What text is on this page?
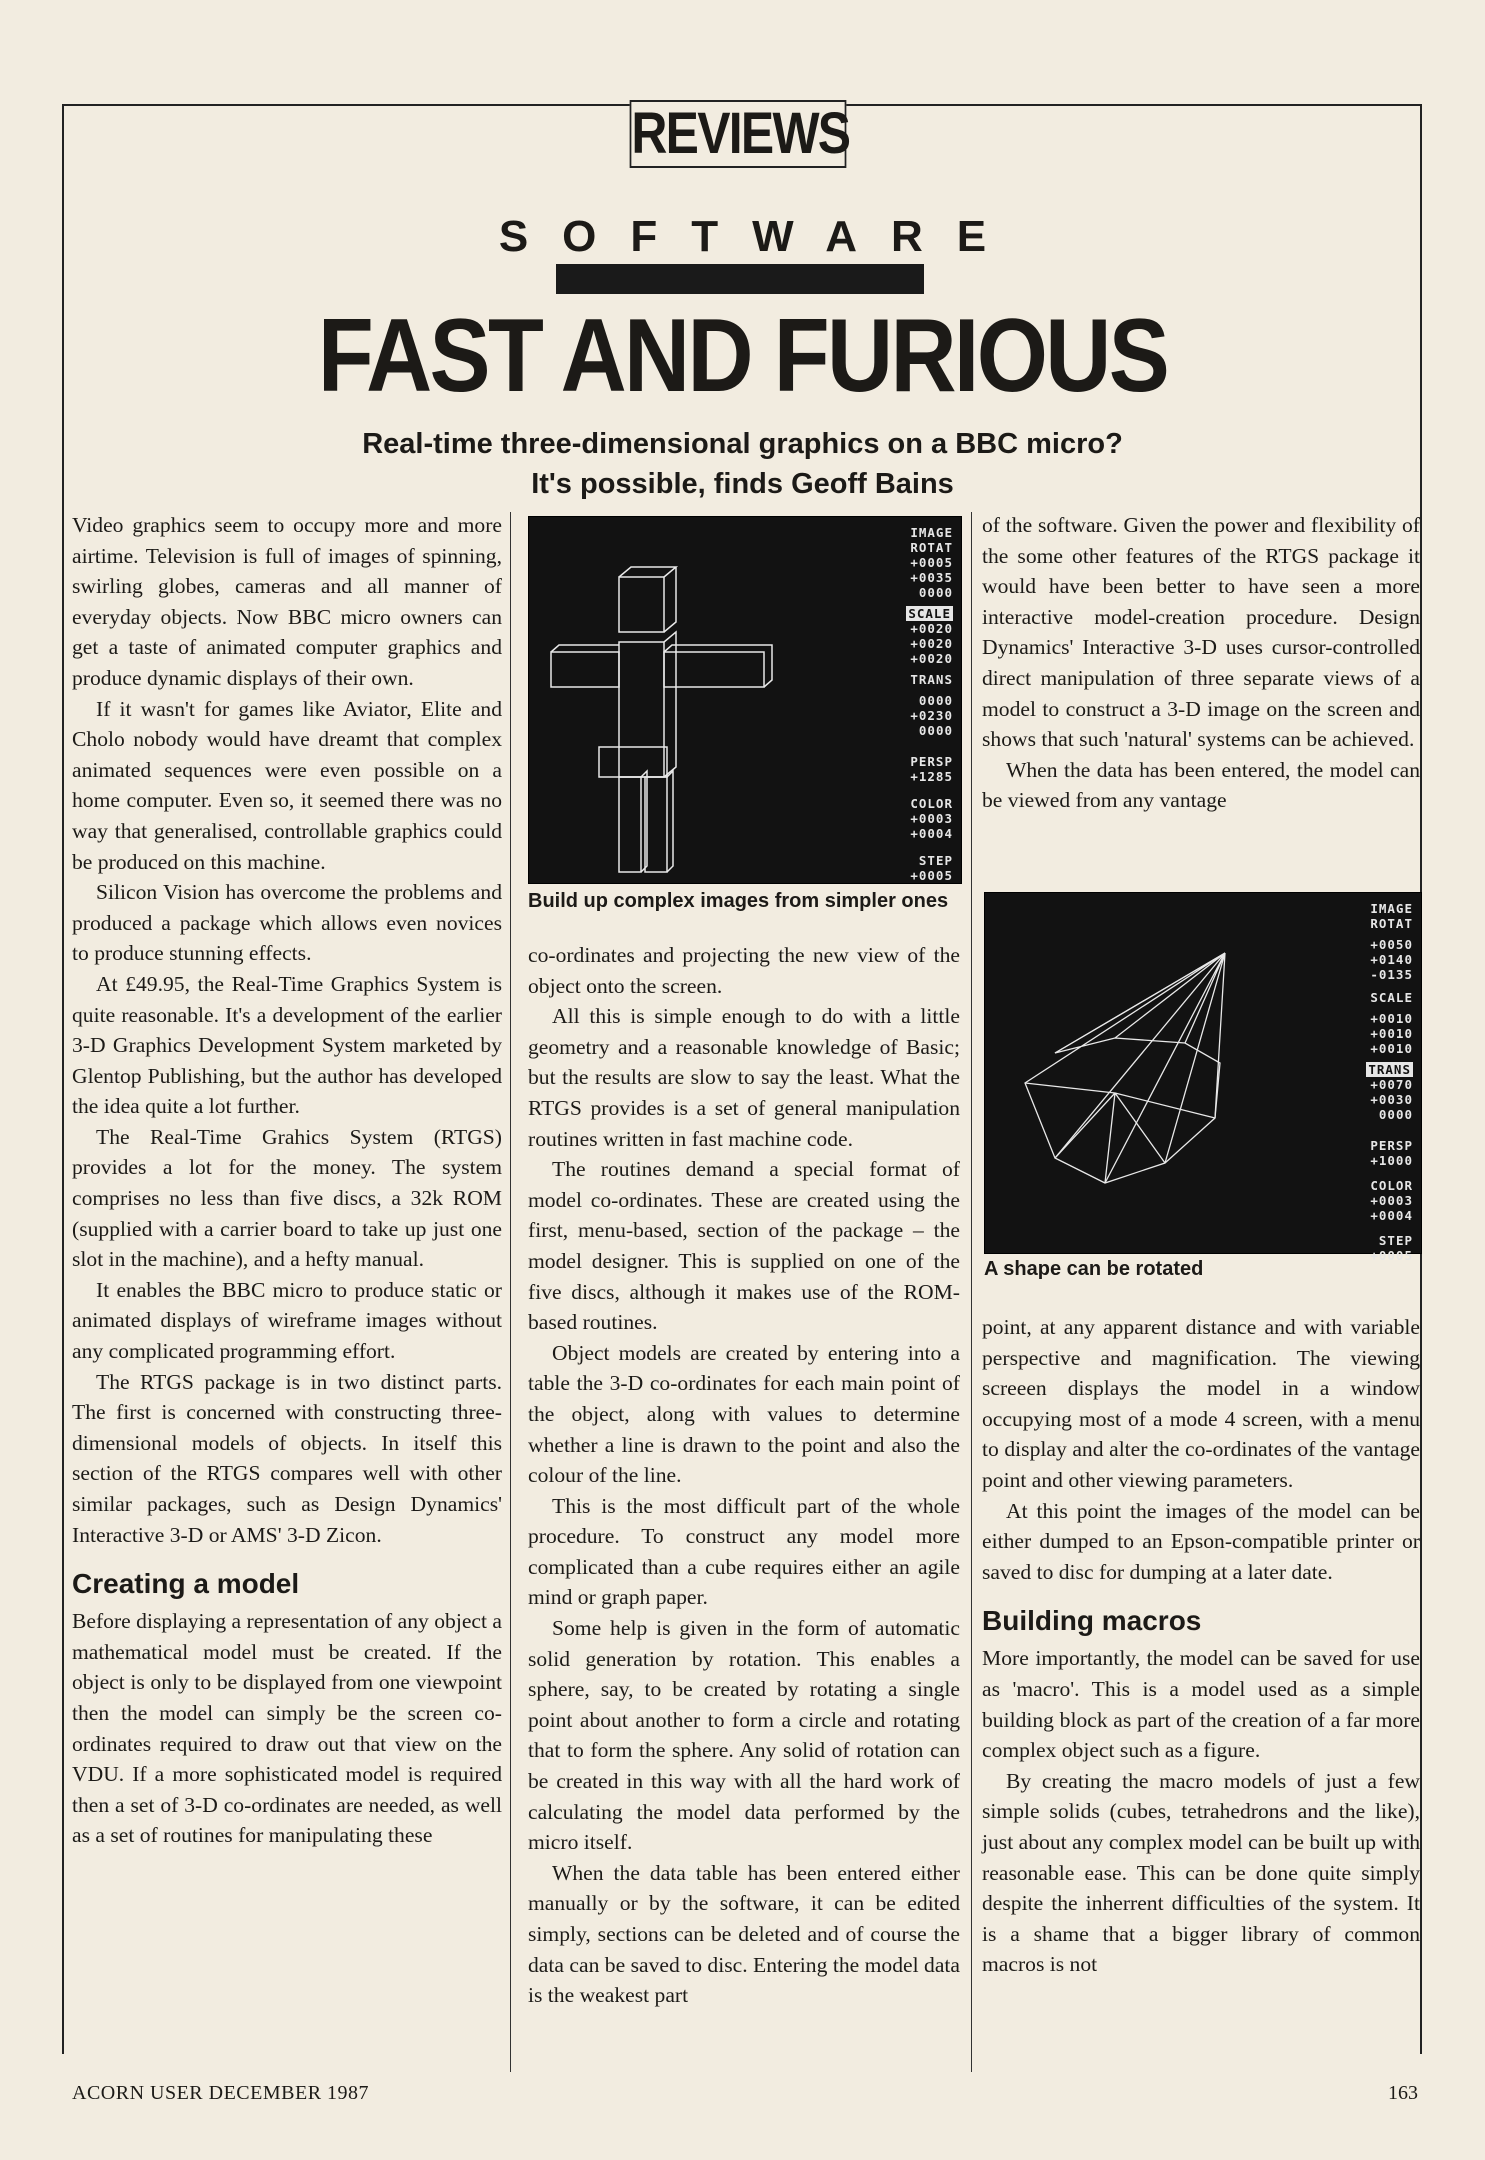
REVIEWS
SOFTWARE
FAST AND FURIOUS
Real-time three-dimensional graphics on a BBC micro?
It's possible, finds Geoff Bains

Video graphics seem to occupy more and more airtime. Television is full of images of spinning, swirling globes, cameras and all manner of everyday objects. Now BBC micro owners can get a taste of animated computer graphics and produce dynamic displays of their own.

If it wasn't for games like Aviator, Elite and Cholo nobody would have dreamt that complex animated sequences were even possible on a home computer. Even so, it seemed there was no way that generalised, controllable graphics could be produced on this machine.

Silicon Vision has overcome the problems and produced a package which allows even novices to produce stunning effects.

At £49.95, the Real-Time Graphics System is quite reasonable. It's a development of the earlier 3-D Graphics Development System marketed by Glentop Publishing, but the author has developed the idea quite a lot further.

The Real-Time Grahics System (RTGS) provides a lot for the money. The system comprises no less than five discs, a 32k ROM (supplied with a carrier board to take up just one slot in the machine), and a hefty manual.

It enables the BBC micro to produce static or animated displays of wireframe images without any complicated programming effort.

The RTGS package is in two distinct parts. The first is concerned with constructing three-dimensional models of objects. In itself this section of the RTGS compares well with other similar packages, such as Design Dynamics' Interactive 3-D or AMS' 3-D Zicon.

Creating a model

Before displaying a representation of any object a mathematical model must be created. If the object is only to be displayed from one viewpoint then the model can simply be the screen co-ordinates required to draw out that view on the VDU. If a more sophisticated model is required then a set of 3-D co-ordinates are needed, as well as a set of routines for manipulating these

IMAGE
ROTAT
+0005
+0035
0000
SCALE
+0020
+0020
+0020
TRANS
0000
+0230
0000
PERSP
+1285
COLOR
+0003
+0004
STEP
+0005
Build up complex images from simpler ones

co-ordinates and projecting the new view of the object onto the screen.

All this is simple enough to do with a little geometry and a reasonable knowledge of Basic; but the results are slow to say the least. What the RTGS provides is a set of general manipulation routines written in fast machine code.

The routines demand a special format of model co-ordinates. These are created using the first, menu-based, section of the package – the model designer. This is supplied on one of the five discs, although it makes use of the ROM-based routines.

Object models are created by entering into a table the 3-D co-ordinates for each main point of the object, along with values to determine whether a line is drawn to the point and also the colour of the line.

This is the most difficult part of the whole procedure. To construct any model more complicated than a cube requires either an agile mind or graph paper.

Some help is given in the form of automatic solid generation by rotation. This enables a sphere, say, to be created by rotating a single point about another to form a circle and rotating that to form the sphere. Any solid of rotation can be created in this way with all the hard work of calculating the model data performed by the micro itself.

When the data table has been entered either manually or by the software, it can be edited simply, sections can be deleted and of course the data can be saved to disc. Entering the model data is the weakest part

of the software. Given the power and flexibility of the some other features of the RTGS package it would have been better to have seen a more interactive model-creation procedure. Design Dynamics' Interactive 3-D uses cursor-controlled direct manipulation of three separate views of a model to construct a 3-D image on the screen and shows that such 'natural' systems can be achieved.

When the data has been entered, the model can be viewed from any vantage

IMAGE
ROTAT
+0050
+0140
-0135
SCALE
+0010
+0010
+0010
TRANS
+0070
+0030
0000
PERSP
+1000
COLOR
+0003
+0004
STEP
+0005
A shape can be rotated

point, at any apparent distance and with variable perspective and magnification. The viewing screeen displays the model in a window occupying most of a mode 4 screen, with a menu to display and alter the co-ordinates of the vantage point and other viewing parameters.

At this point the images of the model can be either dumped to an Epson-compatible printer or saved to disc for dumping at a later date.

Building macros

More importantly, the model can be saved for use as 'macro'. This is a model used as a simple building block as part of the creation of a far more complex object such as a figure.

By creating the macro models of just a few simple solids (cubes, tetrahedrons and the like), just about any complex model can be built up with reasonable ease. This can be done quite simply despite the inherrent difficulties of the system. It is a shame that a bigger library of common macros is not

ACORN USER DECEMBER 1987	163
